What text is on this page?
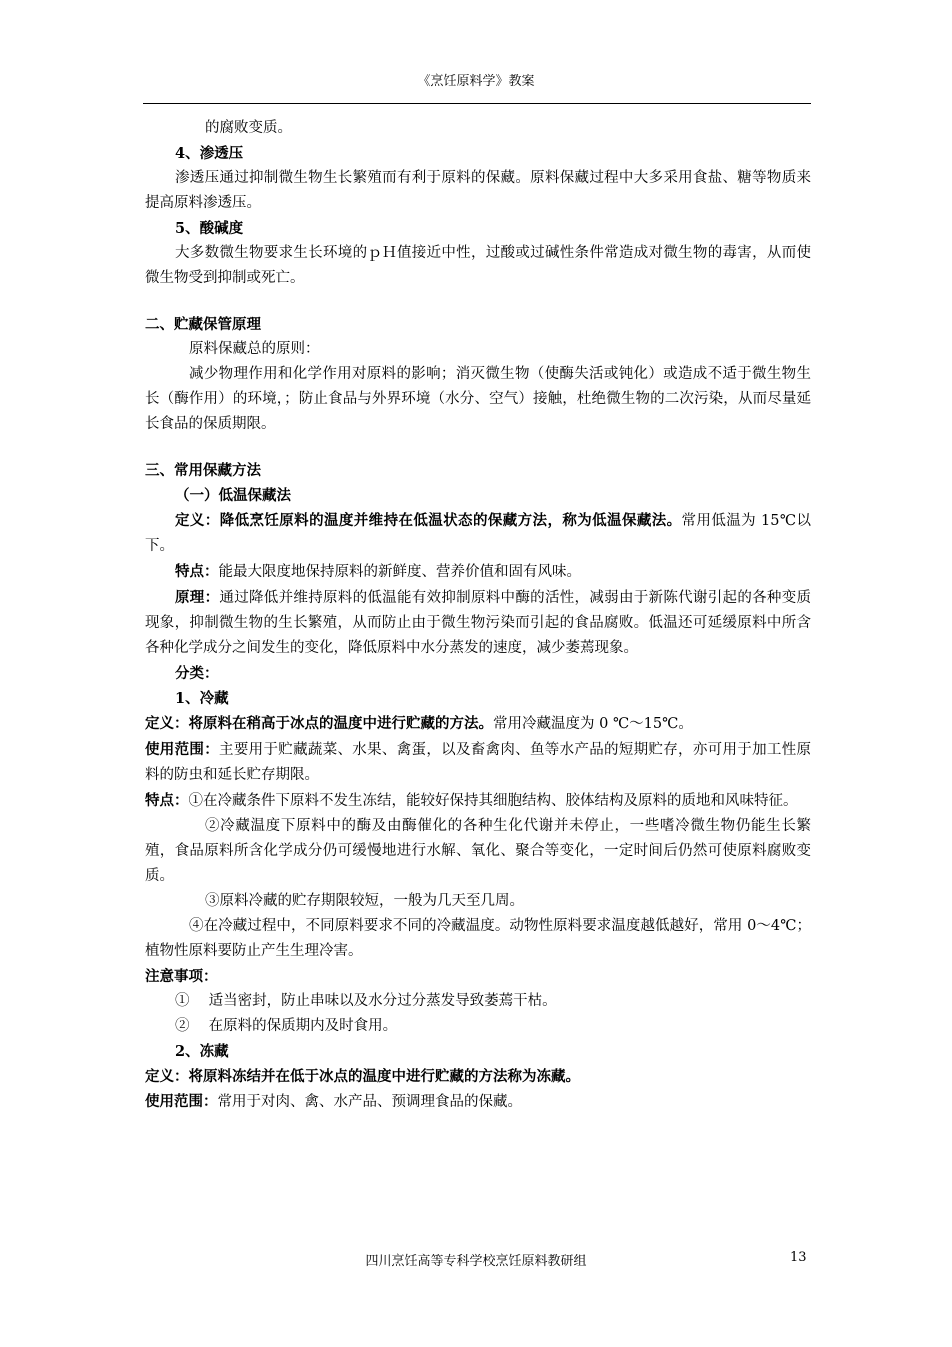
《烹饪原料学》教案

的腐败变质。

4、渗透压

渗透压通过抑制微生物生长繁殖而有利于原料的保藏。原料保藏过程中大多采用食盐、糖等物质来提高原料渗透压。

5、酸碱度

大多数微生物要求生长环境的ｐＨ值接近中性，过酸或过碱性条件常造成对微生物的毒害，从而使微生物受到抑制或死亡。

二、贮藏保管原理

原料保藏总的原则：

减少物理作用和化学作用对原料的影响；消灭微生物（使酶失活或钝化）或造成不适于微生物生长（酶作用）的环境，；防止食品与外界环境（水分、空气）接触，杜绝微生物的二次污染，从而尽量延长食品的保质期限。

三、常用保藏方法

（一）低温保藏法

定义：降低烹饪原料的温度并维持在低温状态的保藏方法，称为低温保藏法。常用低温为 15℃以下。

特点：能最大限度地保持原料的新鲜度、营养价值和固有风味。

原理：通过降低并维持原料的低温能有效抑制原料中酶的活性，减弱由于新陈代谢引起的各种变质现象，抑制微生物的生长繁殖，从而防止由于微生物污染而引起的食品腐败。低温还可延缓原料中所含各种化学成分之间发生的变化，降低原料中水分蒸发的速度，减少萎蔫现象。

分类：

1、冷藏

定义：将原料在稍高于冰点的温度中进行贮藏的方法。常用冷藏温度为 0 ℃～15℃。

使用范围：主要用于贮藏蔬菜、水果、禽蛋，以及畜禽肉、鱼等水产品的短期贮存，亦可用于加工性原料的防虫和延长贮存期限。

特点：①在冷藏条件下原料不发生冻结，能较好保持其细胞结构、胶体结构及原料的质地和风味特征。

②冷藏温度下原料中的酶及由酶催化的各种生化代谢并未停止，一些嗜冷微生物仍能生长繁殖，食品原料所含化学成分仍可缓慢地进行水解、氧化、聚合等变化，一定时间后仍然可使原料腐败变质。

③原料冷藏的贮存期限较短，一般为几天至几周。

④在冷藏过程中，不同原料要求不同的冷藏温度。动物性原料要求温度越低越好，常用 0～4℃；植物性原料要防止产生生理冷害。

注意事项：

①　 适当密封，防止串味以及水分过分蒸发导致萎蔫干枯。

②　 在原料的保质期内及时食用。

2、冻藏

定义：将原料冻结并在低于冰点的温度中进行贮藏的方法称为冻藏。

使用范围：常用于对肉、禽、水产品、预调理食品的保藏。

四川烹饪高等专科学校烹饪原料教研组	13
